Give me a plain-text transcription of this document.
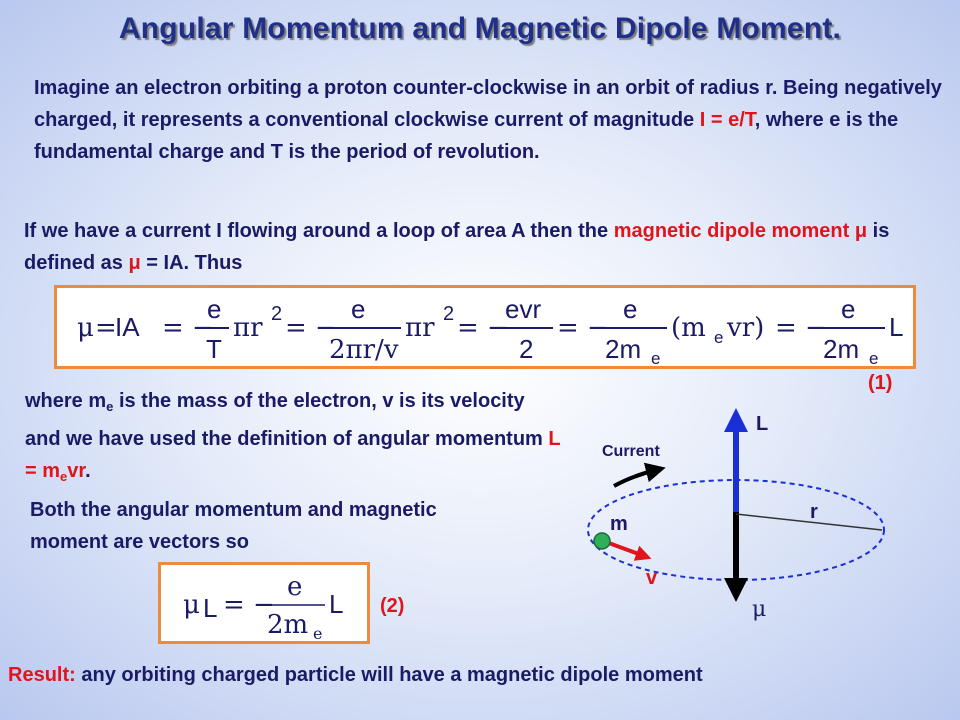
Angular Momentum and Magnetic Dipole Moment.
Imagine an electron orbiting a proton counter-clockwise in an orbit of radius r. Being negatively charged, it represents a conventional clockwise current of magnitude I = e/T, where e is the fundamental charge and T is the period of revolution.
If we have a current I flowing around a loop of area A then the magnetic dipole moment μ is defined as μ = IA. Thus
μ =
IA = −
e
T
πr 2 = −
e
2πr/v
πr 2 = −
evr
2
= −
e
2m e
(m e vr) = −
e
2m e
L
(1)
where $m_e$ is the mass of the electron, v is its velocity and we have used the definition of angular momentum $L = m_evr$.
Both the angular momentum and magnetic moment are vectors so
μ L = −
e
2m e
L (2)
L
Current
r
m
v
μ
Result: any orbiting charged particle will have a magnetic dipole moment
